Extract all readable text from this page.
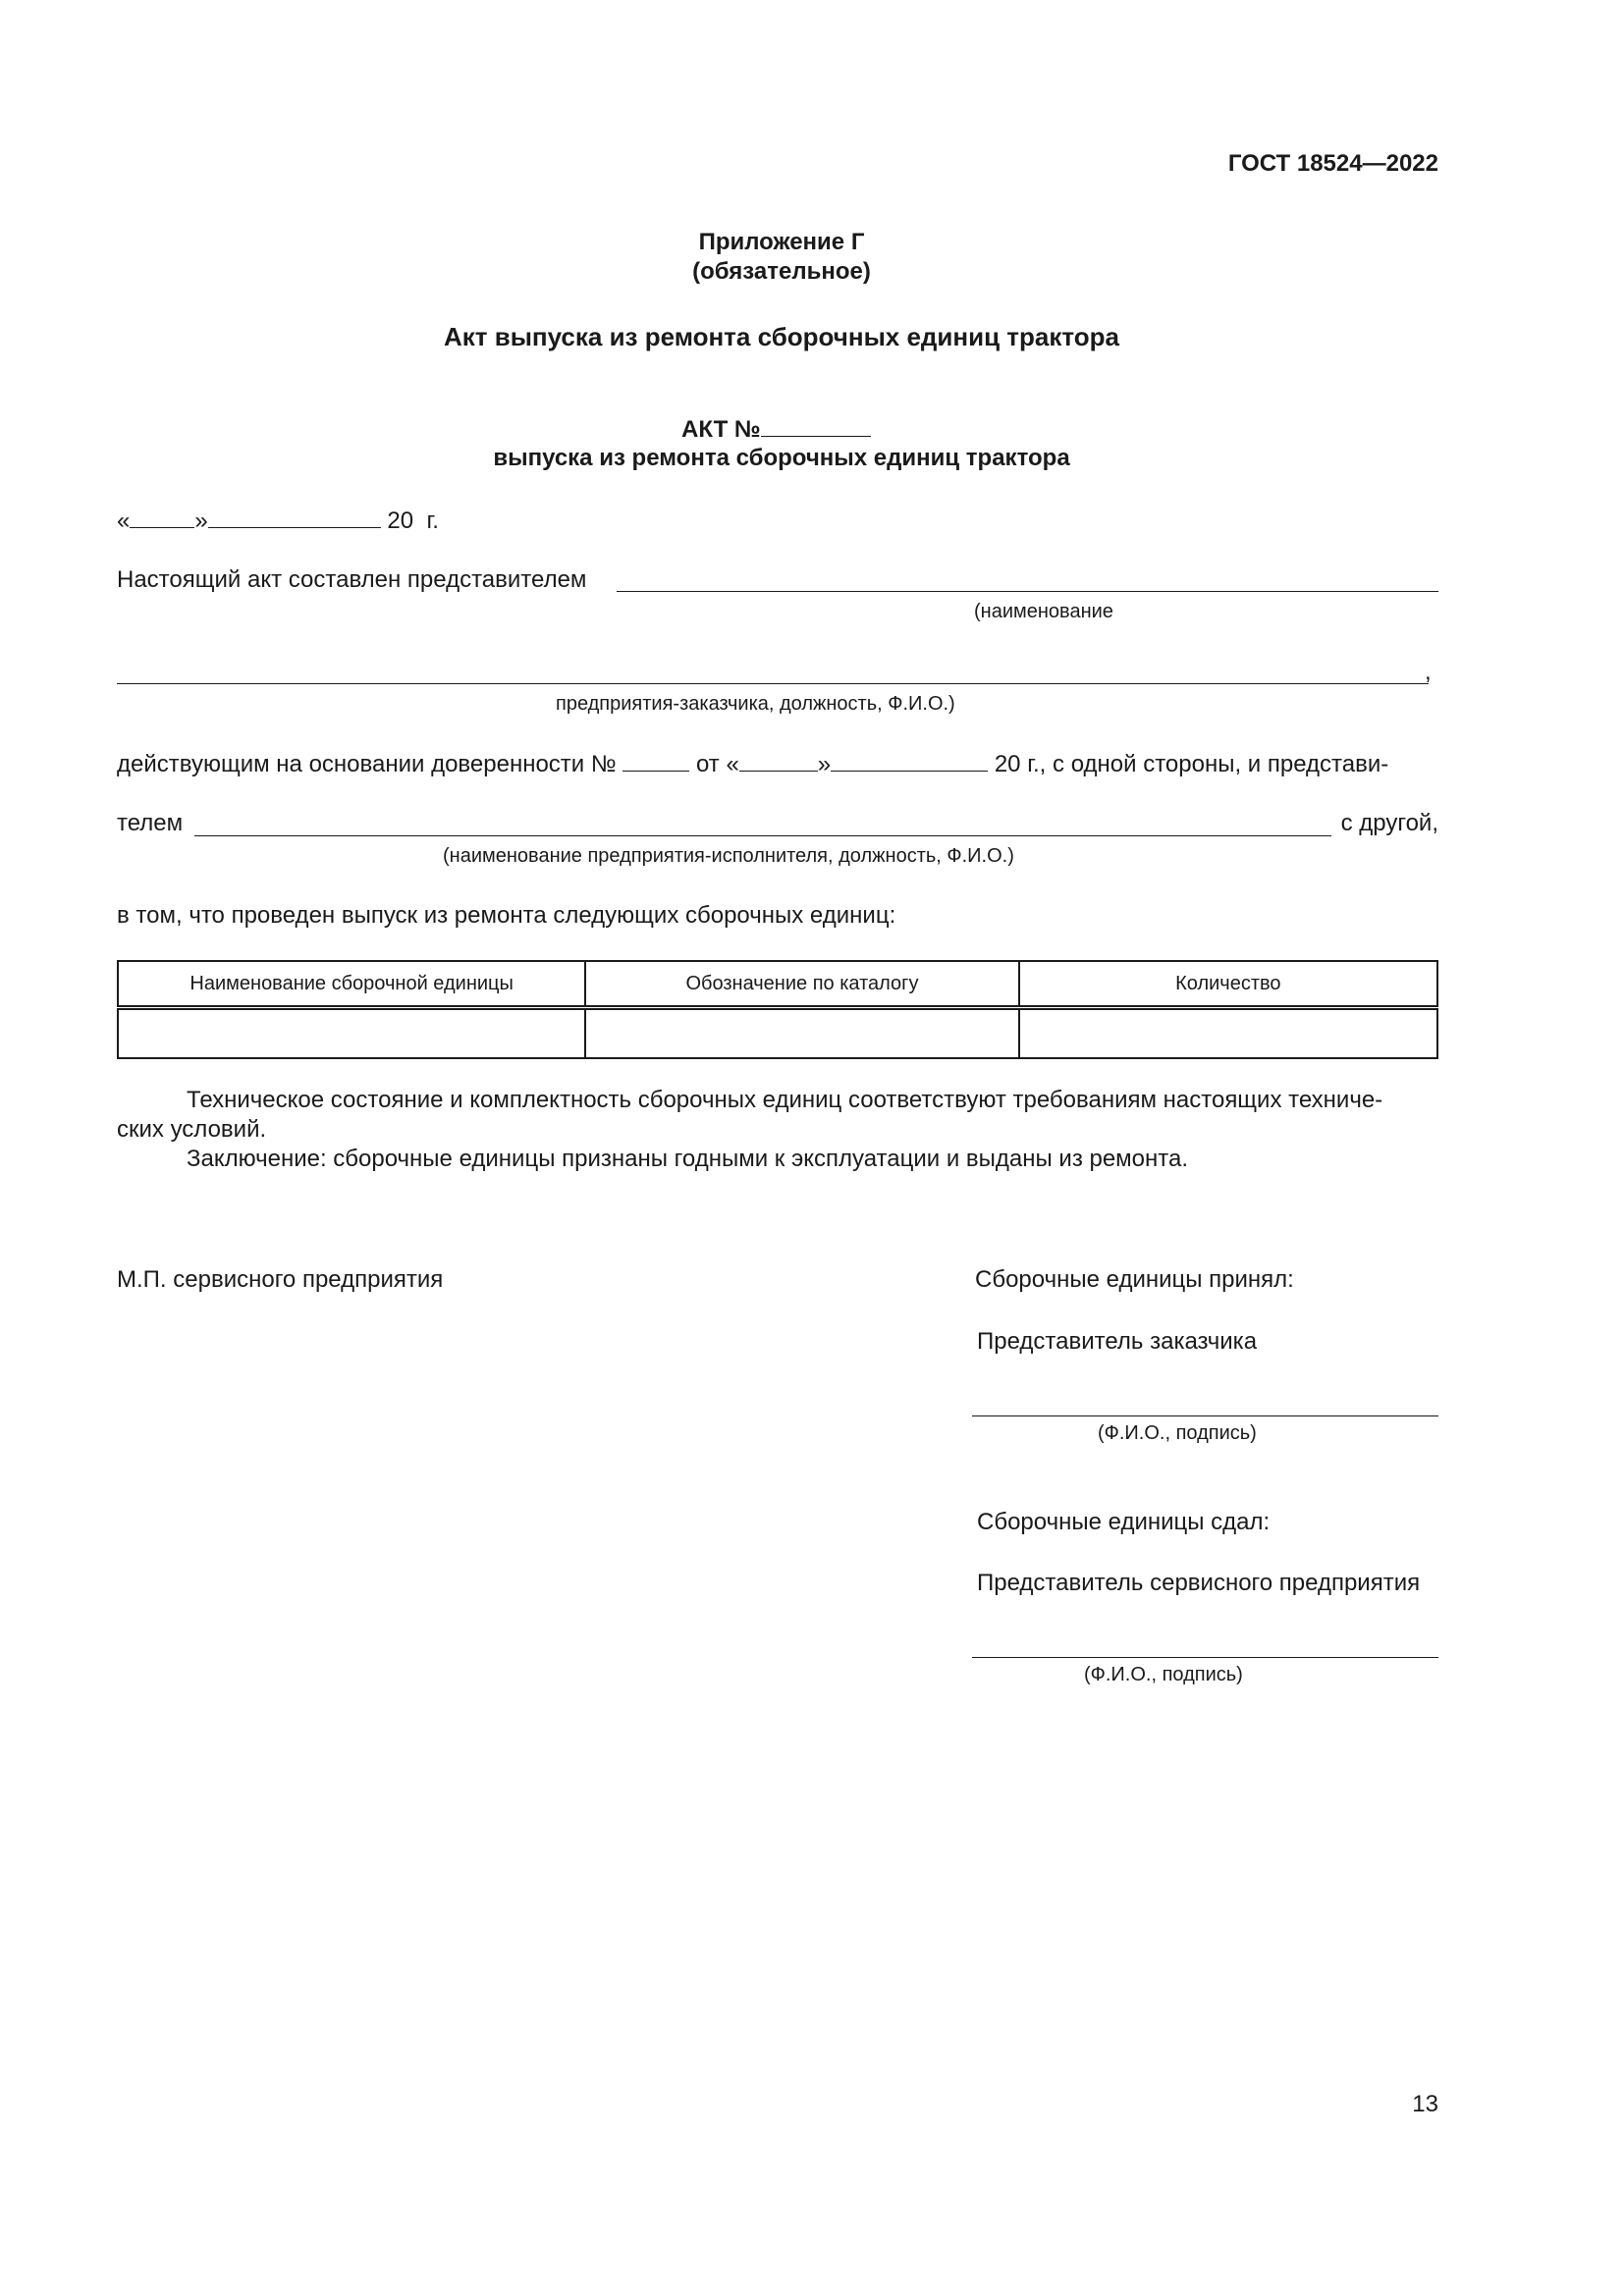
ГОСТ 18524—2022
Приложение Г
(обязательное)
Акт выпуска из ремонта сборочных единиц трактора
АКТ №
выпуска из ремонта сборочных единиц трактора
«	»	20 г.
Настоящий акт составлен представителем
(наименование
,
предприятия-заказчика, должность, Ф.И.О.)
действующим на основании доверенности №	от «	»	20 г., с одной стороны, и представи-
телем	с другой,
(наименование предприятия-исполнителя, должность, Ф.И.О.)
в том, что проведен выпуск из ремонта следующих сборочных единиц:
Наименование сборочной единицы	Обозначение по каталогу	Количество

Техническое состояние и комплектность сборочных единиц соответствуют требованиям настоящих техниче-
ских условий.
Заключение: сборочные единицы признаны годными к эксплуатации и выданы из ремонта.
М.П. сервисного предприятия	Сборочные единицы принял:
Представитель заказчика
(Ф.И.О., подпись)
Сборочные единицы сдал:
Представитель сервисного предприятия
(Ф.И.О., подпись)
13
